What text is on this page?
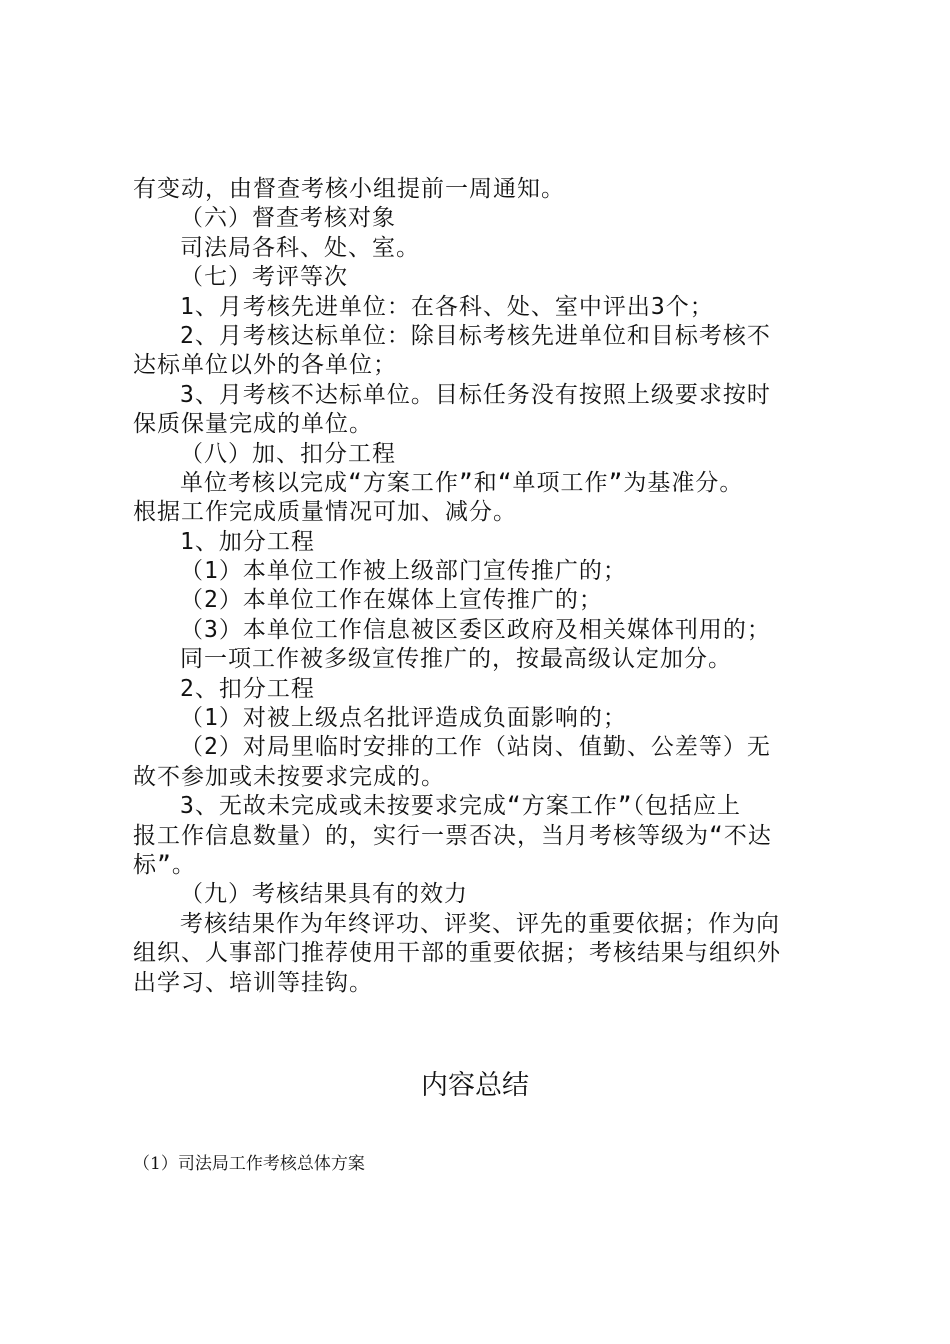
有变动，由督查考核小组提前一周通知。
（六）督查考核对象
司法局各科、处、室。
（七）考评等次
1、月考核先进单位：在各科、处、室中评出3个；
2、月考核达标单位：除目标考核先进单位和目标考核不
达标单位以外的各单位；
3、月考核不达标单位。目标任务没有按照上级要求按时
保质保量完成的单位。
（八）加、扣分工程
单位考核以完成“方案工作”和“单项工作”为基准分。
根据工作完成质量情况可加、减分。
1、加分工程
（1）本单位工作被上级部门宣传推广的；
（2）本单位工作在媒体上宣传推广的；
（3）本单位工作信息被区委区政府及相关媒体刊用的；
同一项工作被多级宣传推广的，按最高级认定加分。
2、扣分工程
（1）对被上级点名批评造成负面影响的；
（2）对局里临时安排的工作（站岗、值勤、公差等）无
故不参加或未按要求完成的。
3、无故未完成或未按要求完成“方案工作”（包括应上
报工作信息数量）的，实行一票否决，当月考核等级为“不达
标”。
（九）考核结果具有的效力
考核结果作为年终评功、评奖、评先的重要依据；作为向
组织、人事部门推荐使用干部的重要依据；考核结果与组织外
出学习、培训等挂钩。
内容总结
（1）司法局工作考核总体方案
